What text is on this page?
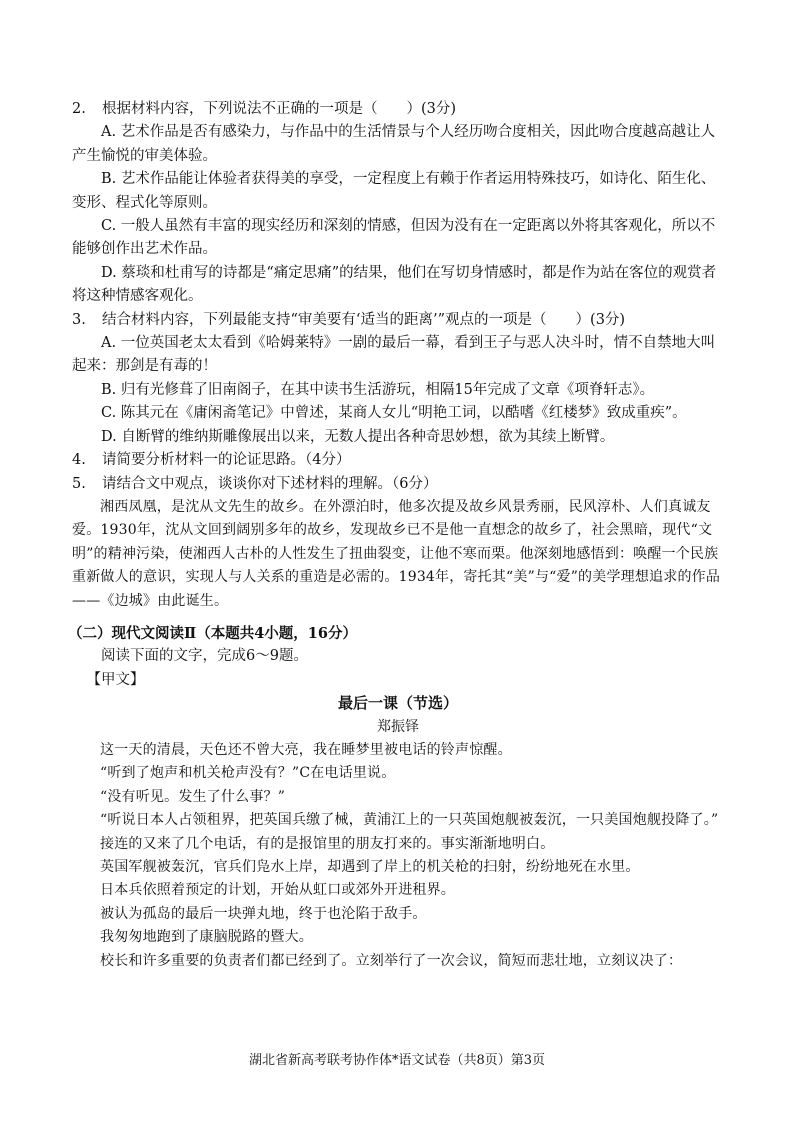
2.	根据材料内容，下列说法不正确的一项是（　　）(3分)

A. 艺术作品是否有感染力，与作品中的生活情景与个人经历吻合度相关，因此吻合度越高越让人产生愉悦的审美体验。

B. 艺术作品能让体验者获得美的享受，一定程度上有赖于作者运用特殊技巧，如诗化、陌生化、变形、程式化等原则。

C. 一般人虽然有丰富的现实经历和深刻的情感，但因为没有在一定距离以外将其客观化，所以不能够创作出艺术作品。

D. 蔡琰和杜甫写的诗都是“痛定思痛”的结果，他们在写切身情感时，都是作为站在客位的观赏者将这种情感客观化。

3.	结合材料内容，下列最能支持“审美要有‘适当的距离’”观点的一项是（　　）(3分)

A. 一位英国老太太看到《哈姆莱特》一剧的最后一幕，看到王子与恶人决斗时，情不自禁地大叫起来：那剑是有毒的！

B. 归有光修葺了旧南阁子，在其中读书生活游玩，相隔15年完成了文章《项脊轩志》。

C. 陈其元在《庸闲斋笔记》中曾述，某商人女儿“明艳工词，以酷嗜《红楼梦》致成重疾”。

D. 自断臂的维纳斯雕像展出以来，无数人提出各种奇思妙想，欲为其续上断臂。

4.	请简要分析材料一的论证思路。（4分）
5.	请结合文中观点，谈谈你对下述材料的理解。（6分）

湘西凤凰，是沈从文先生的故乡。在外漂泊时，他多次提及故乡风景秀丽，民风淳朴、人们真诚友爱。1930年，沈从文回到阔别多年的故乡，发现故乡已不是他一直想念的故乡了，社会黑暗，现代“文明”的精神污染，使湘西人古朴的人性发生了扭曲裂变，让他不寒而栗。他深刻地感悟到：唤醒一个民族重新做人的意识，实现人与人关系的重造是必需的。1934年，寄托其“美”与“爱”的美学理想追求的作品——《边城》由此诞生。

（二）现代文阅读Ⅱ（本题共4小题，16分）

阅读下面的文字，完成6～9题。

【甲文】

最后一课（节选）

郑振铎

这一天的清晨，天色还不曾大亮，我在睡梦里被电话的铃声惊醒。

“听到了炮声和机关枪声没有？”C在电话里说。

“没有听见。发生了什么事？”

“听说日本人占领租界，把英国兵缴了械，黄浦江上的一只英国炮舰被轰沉，一只美国炮舰投降了。”

接连的又来了几个电话，有的是报馆里的朋友打来的。事实渐渐地明白。

英国军舰被轰沉，官兵们凫水上岸，却遇到了岸上的机关枪的扫射，纷纷地死在水里。

日本兵依照着预定的计划，开始从虹口或郊外开进租界。

被认为孤岛的最后一块弹丸地，终于也沦陷于敌手。

我匆匆地跑到了康脑脱路的暨大。

校长和许多重要的负责者们都已经到了。立刻举行了一次会议，简短而悲壮地，立刻议决了：

湖北省新高考联考协作体*语文试卷（共8页）第3页
